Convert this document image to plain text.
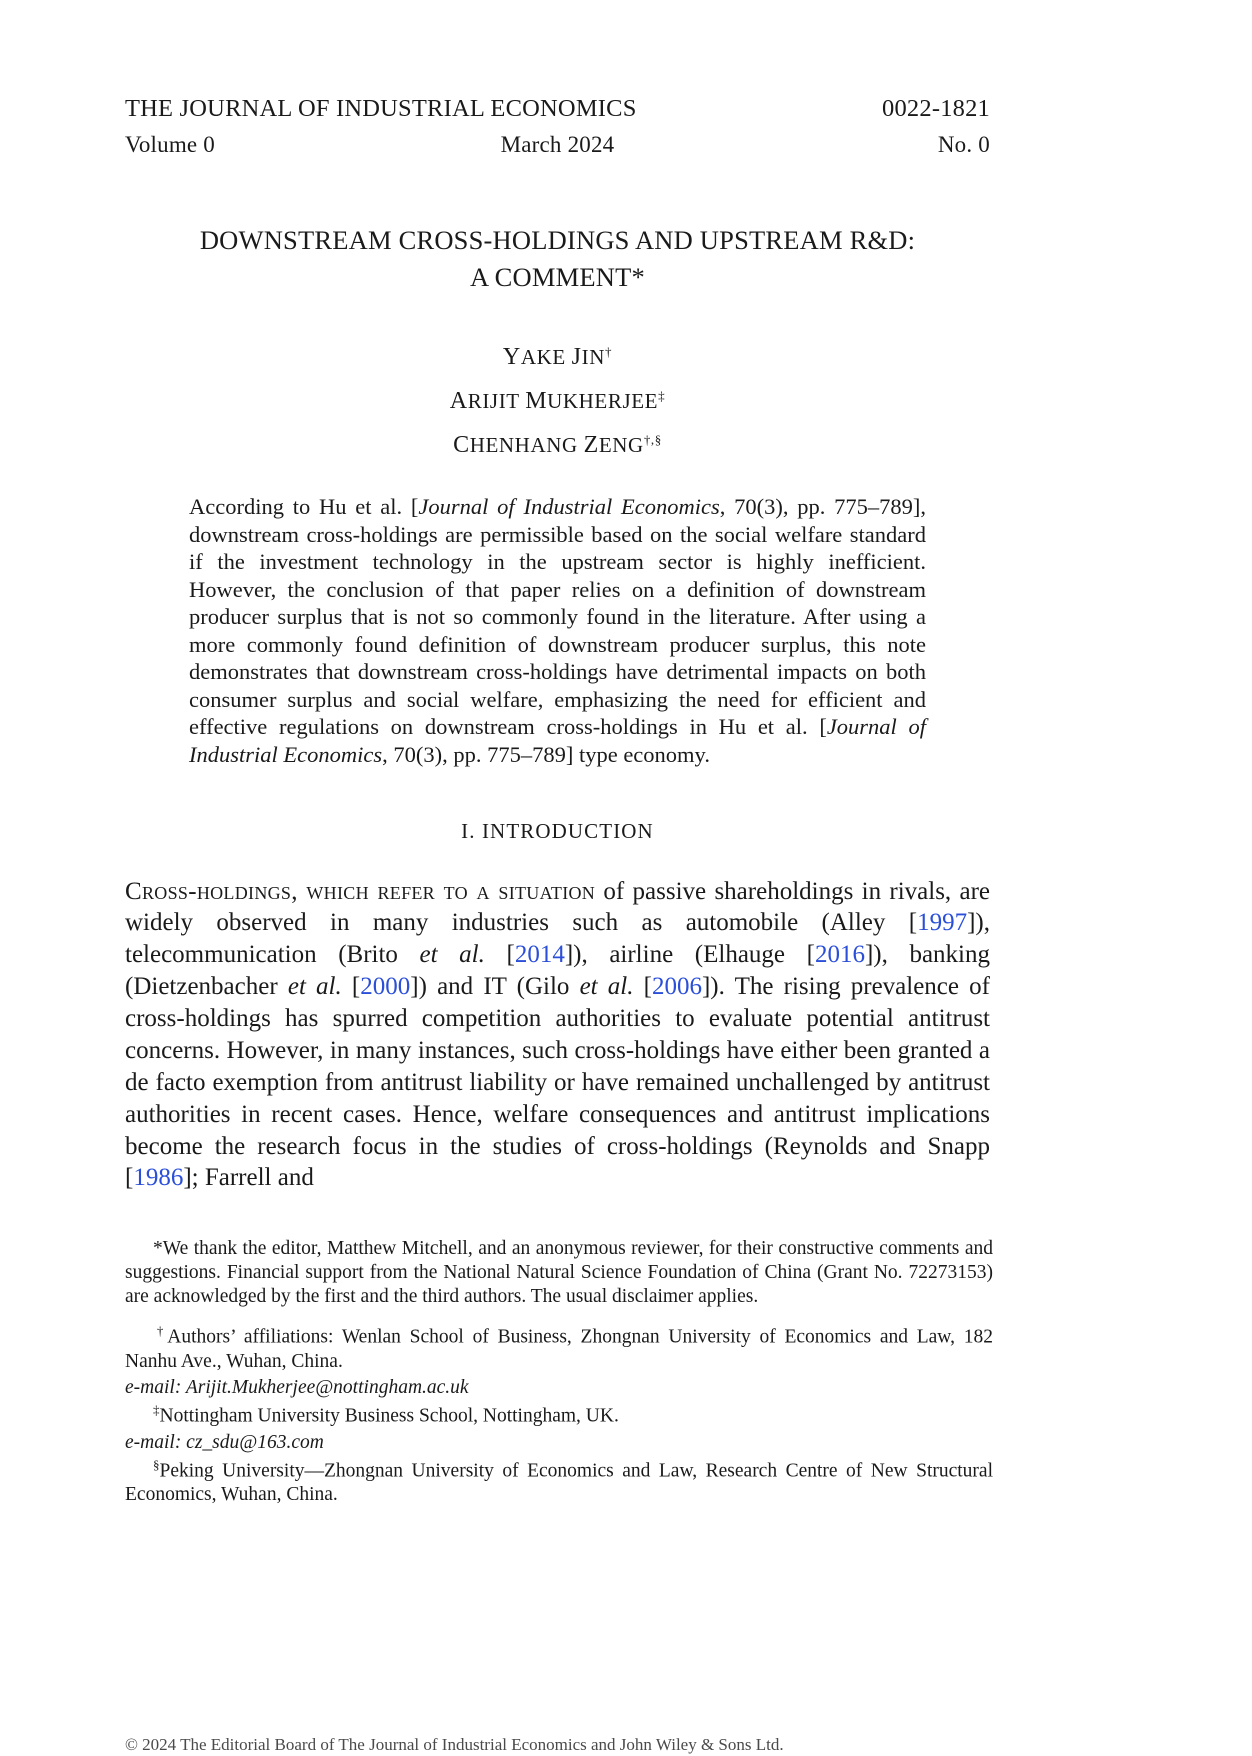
THE JOURNAL OF INDUSTRIAL ECONOMICS	0022-1821
Volume 0	March 2024	No. 0
DOWNSTREAM CROSS-HOLDINGS AND UPSTREAM R&D:
A COMMENT*
YAKE JIN†
ARIJIT MUKHERJEE‡
CHENHANG ZENG†,§
According to Hu et al. [Journal of Industrial Economics, 70(3), pp. 775–789], downstream cross-holdings are permissible based on the social welfare standard if the investment technology in the upstream sector is highly inefficient. However, the conclusion of that paper relies on a definition of downstream producer surplus that is not so commonly found in the literature. After using a more commonly found definition of downstream producer surplus, this note demonstrates that downstream cross-holdings have detrimental impacts on both consumer surplus and social welfare, emphasizing the need for efficient and effective regulations on downstream cross-holdings in Hu et al. [Journal of Industrial Economics, 70(3), pp. 775–789] type economy.
I. INTRODUCTION
Cross-holdings, which refer to a situation of passive shareholdings in rivals, are widely observed in many industries such as automobile (Alley [1997]), telecommunication (Brito et al. [2014]), airline (Elhauge [2016]), banking (Dietzenbacher et al. [2000]) and IT (Gilo et al. [2006]). The rising prevalence of cross-holdings has spurred competition authorities to evaluate potential antitrust concerns. However, in many instances, such cross-holdings have either been granted a de facto exemption from antitrust liability or have remained unchallenged by antitrust authorities in recent cases. Hence, welfare consequences and antitrust implications become the research focus in the studies of cross-holdings (Reynolds and Snapp [1986]; Farrell and
*We thank the editor, Matthew Mitchell, and an anonymous reviewer, for their constructive comments and suggestions. Financial support from the National Natural Science Foundation of China (Grant No. 72273153) are acknowledged by the first and the third authors. The usual disclaimer applies.
†Authors’ affiliations: Wenlan School of Business, Zhongnan University of Economics and Law, 182 Nanhu Ave., Wuhan, China.
e-mail: Arijit.Mukherjee@nottingham.ac.uk
‡Nottingham University Business School, Nottingham, UK.
e-mail: cz_sdu@163.com
§Peking University—Zhongnan University of Economics and Law, Research Centre of New Structural Economics, Wuhan, China.
© 2024 The Editorial Board of The Journal of Industrial Economics and John Wiley & Sons Ltd.
